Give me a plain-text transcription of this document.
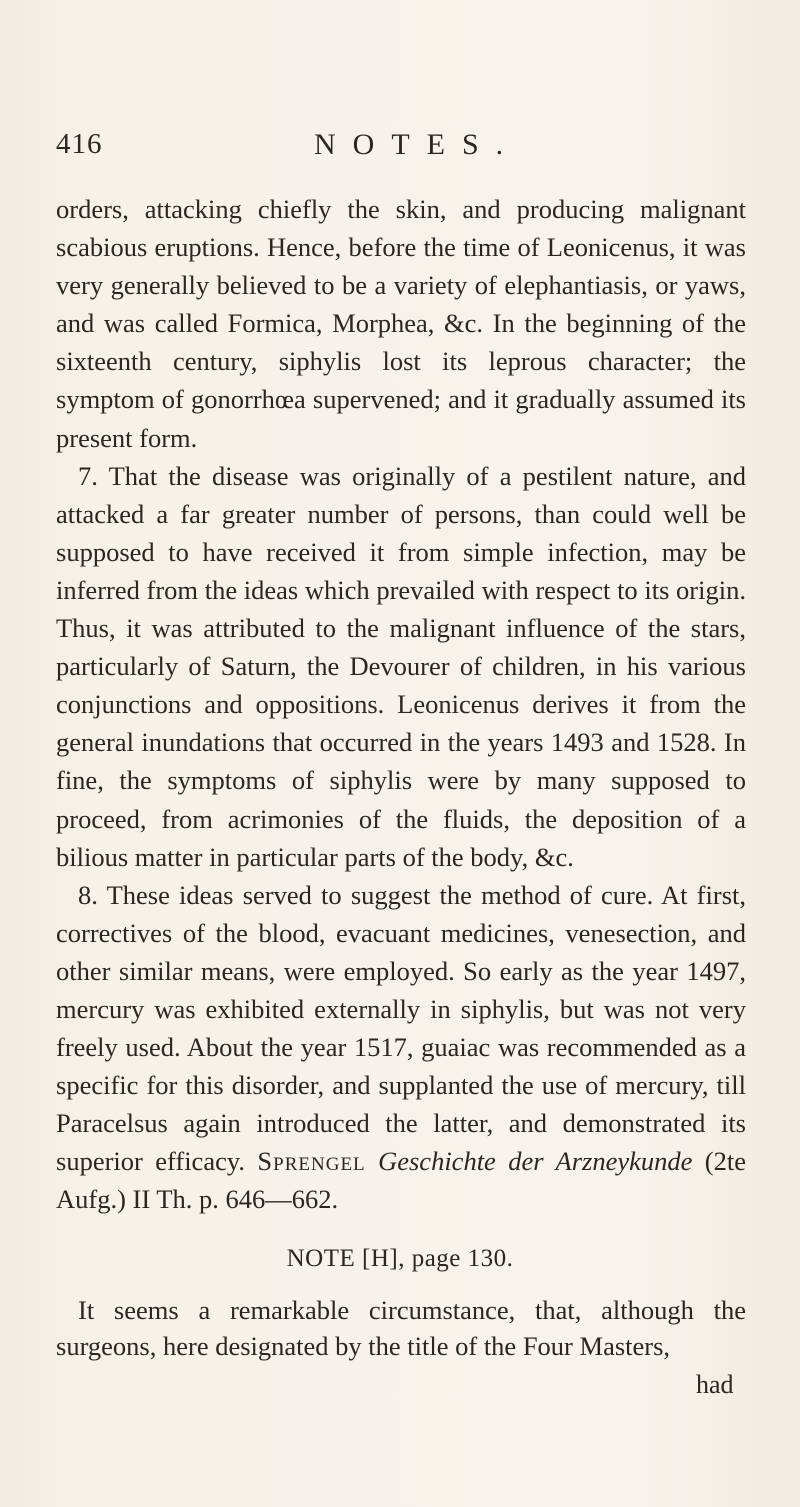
416	NOTES.

orders, attacking chiefly the skin, and producing malignant scabious eruptions. Hence, before the time of Leonicenus, it was very generally believed to be a variety of elephantiasis, or yaws, and was called Formica, Morphea, &c. In the beginning of the sixteenth century, siphylis lost its leprous character; the symptom of gonorrhœa supervened; and it gradually assumed its present form.

7. That the disease was originally of a pestilent nature, and attacked a far greater number of persons, than could well be supposed to have received it from simple infection, may be inferred from the ideas which prevailed with respect to its origin. Thus, it was attributed to the malignant influence of the stars, particularly of Saturn, the Devourer of children, in his various conjunctions and oppositions. Leonicenus derives it from the general inundations that occurred in the years 1493 and 1528. In fine, the symptoms of siphylis were by many supposed to proceed, from acrimonies of the fluids, the deposition of a bilious matter in particular parts of the body, &c.

8. These ideas served to suggest the method of cure. At first, correctives of the blood, evacuant medicines, venesection, and other similar means, were employed. So early as the year 1497, mercury was exhibited externally in siphylis, but was not very freely used. About the year 1517, guaiac was recommended as a specific for this disorder, and supplanted the use of mercury, till Paracelsus again introduced the latter, and demonstrated its superior efficacy. Sprengel Geschichte der Arzneykunde (2te Aufg.) II Th. p. 646—662.

NOTE [H], page 130.

It seems a remarkable circumstance, that, although the surgeons, here designated by the title of the Four Masters,

had
